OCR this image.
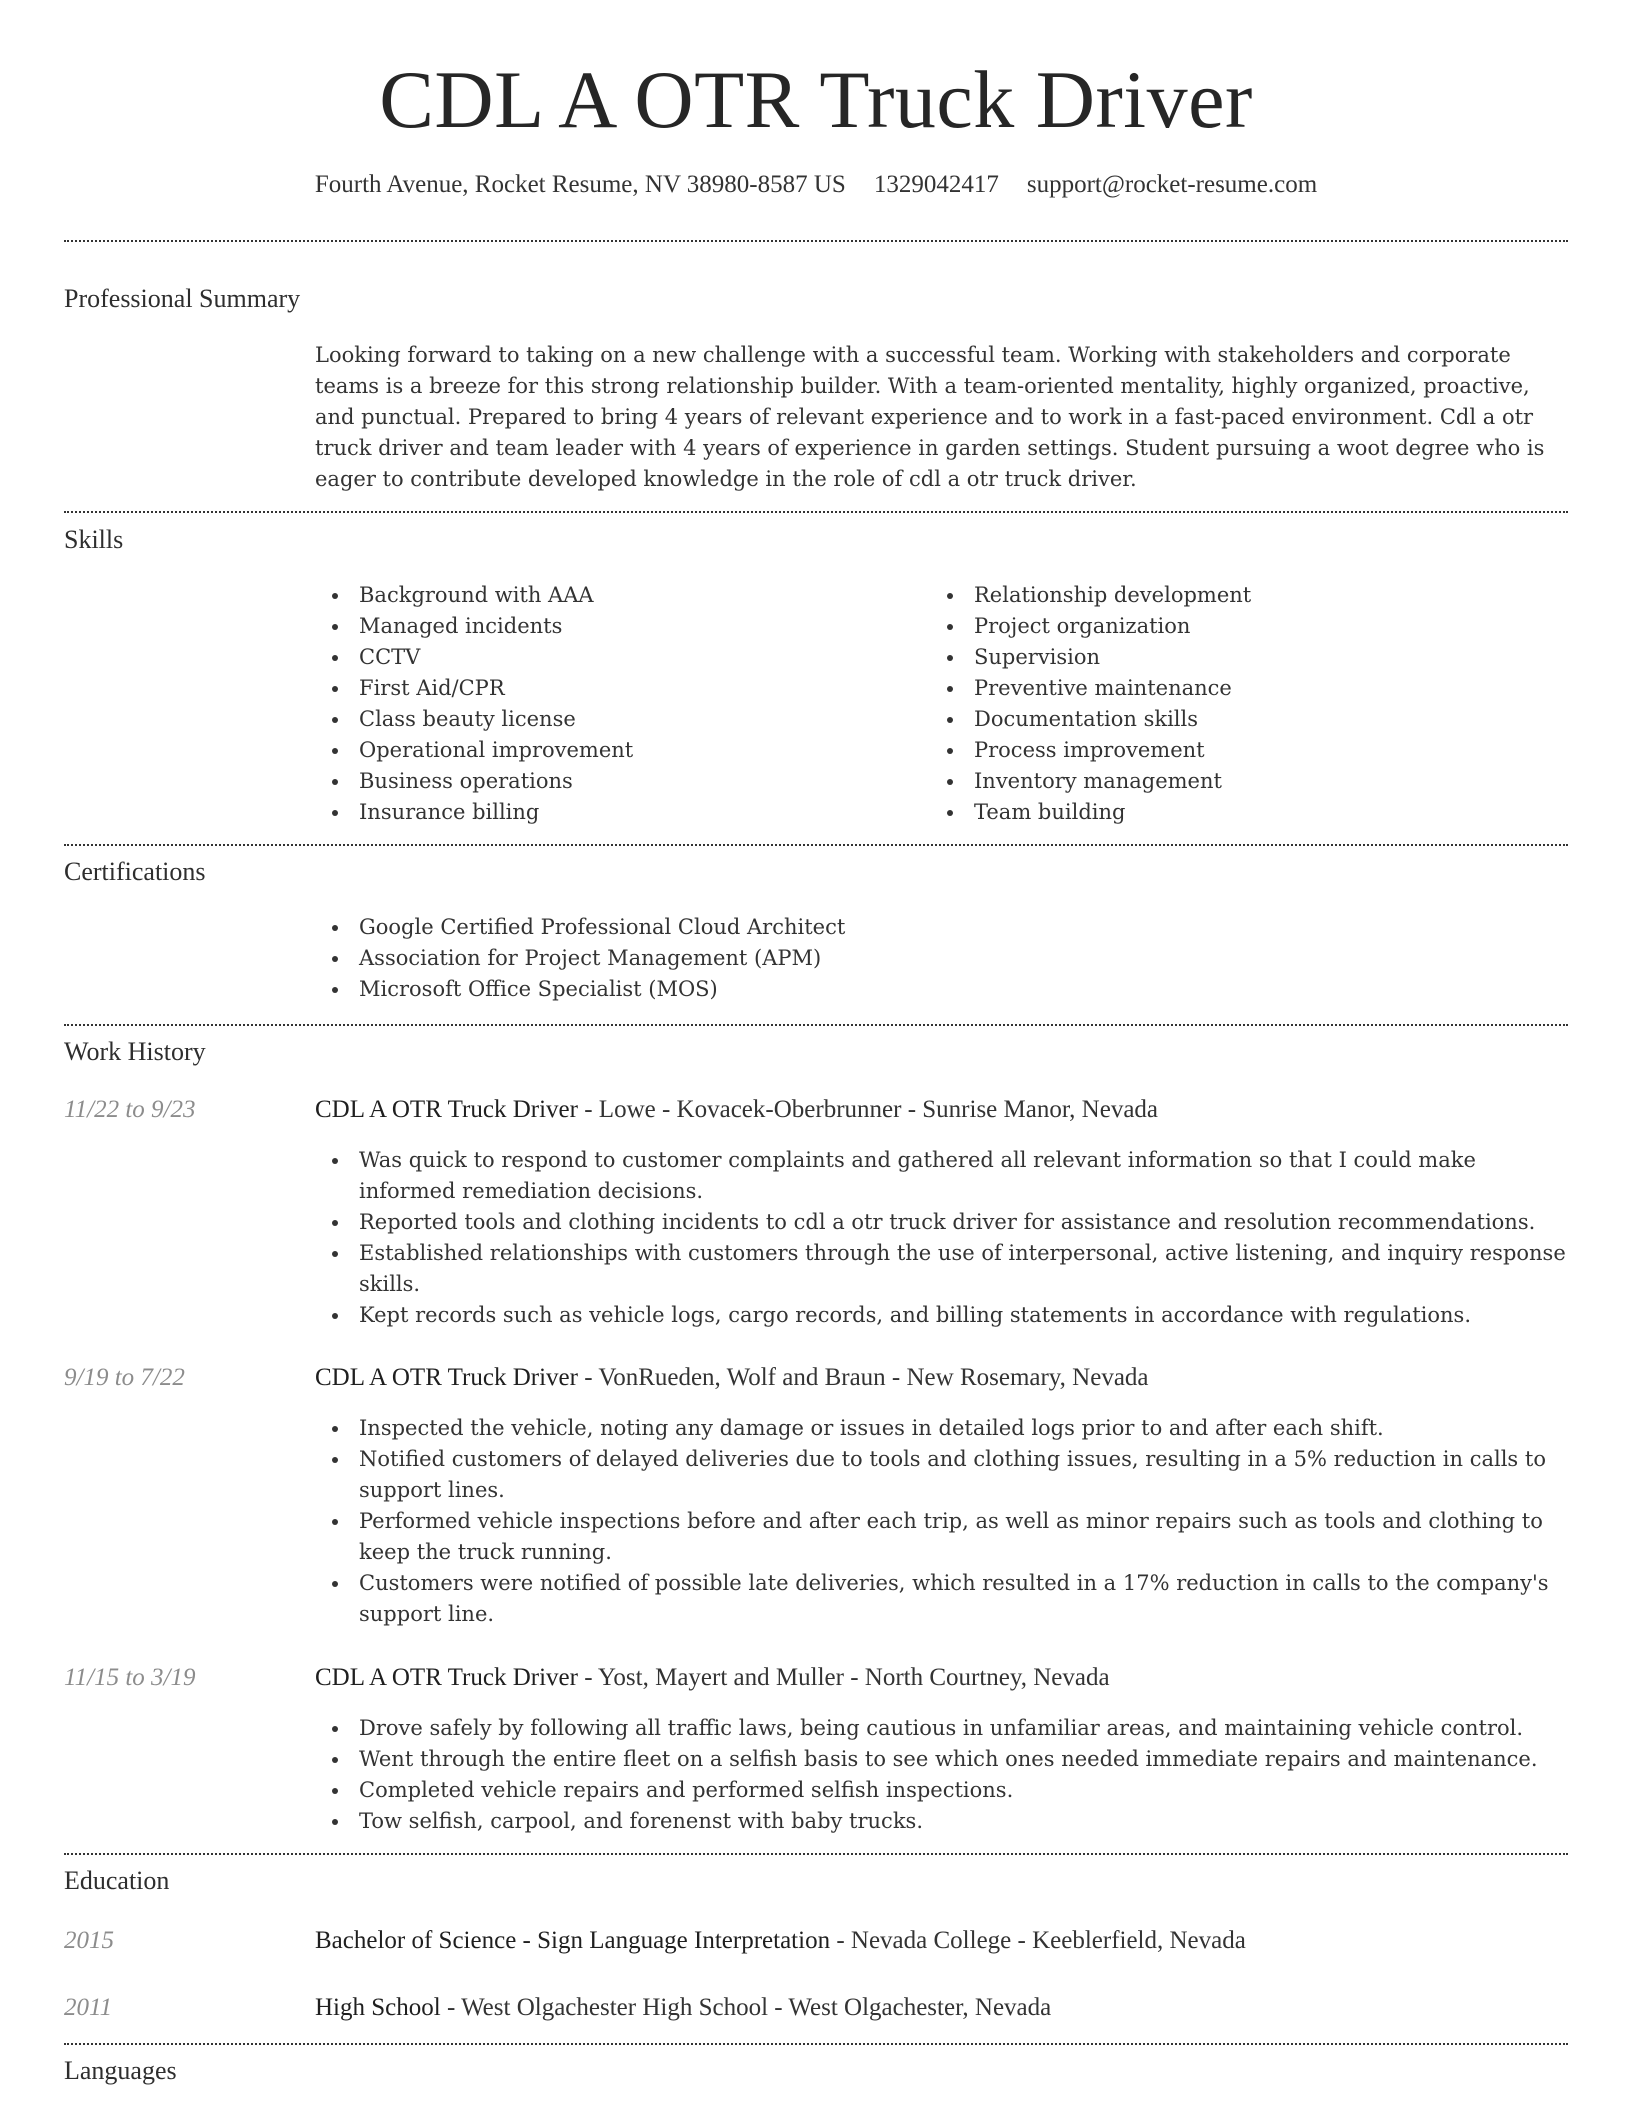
CDL A OTR Truck Driver
Fourth Avenue, Rocket Resume, NV 38980-8587 US 1329042417 support@rocket-resume.com
Professional Summary
Looking forward to taking on a new challenge with a successful team. Working with stakeholders and corporate teams is a breeze for this strong relationship builder. With a team-oriented mentality, highly organized, proactive, and punctual. Prepared to bring 4 years of relevant experience and to work in a fast-paced environment. Cdl a otr truck driver and team leader with 4 years of experience in garden settings. Student pursuing a woot degree who is eager to contribute developed knowledge in the role of cdl a otr truck driver.
Skills
Background with AAA
Managed incidents
CCTV
First Aid/CPR
Class beauty license
Operational improvement
Business operations
Insurance billing
Relationship development
Project organization
Supervision
Preventive maintenance
Documentation skills
Process improvement
Inventory management
Team building
Certifications
Google Certified Professional Cloud Architect
Association for Project Management (APM)
Microsoft Office Specialist (MOS)
Work History
11/22 to 9/23	CDL A OTR Truck Driver - Lowe - Kovacek-Oberbrunner - Sunrise Manor, Nevada
Was quick to respond to customer complaints and gathered all relevant information so that I could make informed remediation decisions.
Reported tools and clothing incidents to cdl a otr truck driver for assistance and resolution recommendations.
Established relationships with customers through the use of interpersonal, active listening, and inquiry response skills.
Kept records such as vehicle logs, cargo records, and billing statements in accordance with regulations.
9/19 to 7/22	CDL A OTR Truck Driver - VonRueden, Wolf and Braun - New Rosemary, Nevada
Inspected the vehicle, noting any damage or issues in detailed logs prior to and after each shift.
Notified customers of delayed deliveries due to tools and clothing issues, resulting in a 5% reduction in calls to support lines.
Performed vehicle inspections before and after each trip, as well as minor repairs such as tools and clothing to keep the truck running.
Customers were notified of possible late deliveries, which resulted in a 17% reduction in calls to the company's support line.
11/15 to 3/19	CDL A OTR Truck Driver - Yost, Mayert and Muller - North Courtney, Nevada
Drove safely by following all traffic laws, being cautious in unfamiliar areas, and maintaining vehicle control.
Went through the entire fleet on a selfish basis to see which ones needed immediate repairs and maintenance.
Completed vehicle repairs and performed selfish inspections.
Tow selfish, carpool, and forenenst with baby trucks.
Education
2015	Bachelor of Science - Sign Language Interpretation - Nevada College - Keeblerfield, Nevada
2011	High School - West Olgachester High School - West Olgachester, Nevada
Languages
